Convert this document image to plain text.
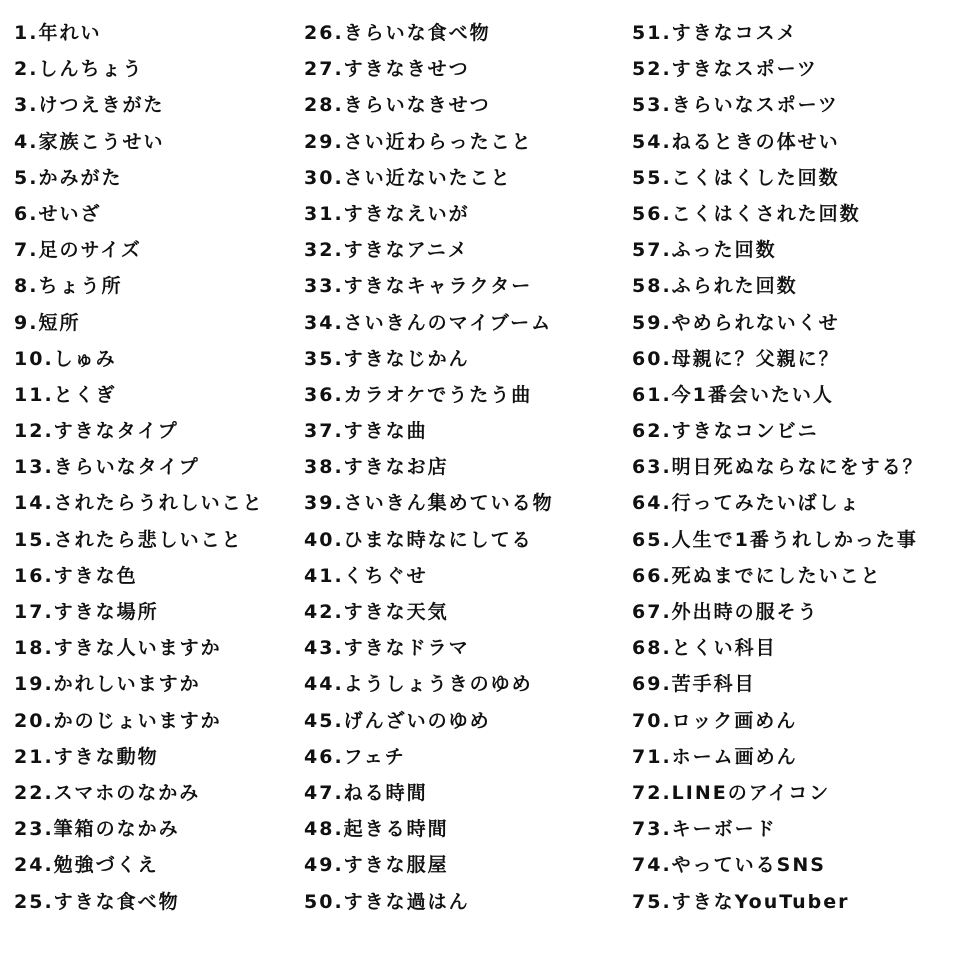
1.年れい
2.しんちょう
3.けつえきがた
4.家族こうせい
5.かみがた
6.せいざ
7.足のサイズ
8.ちょう所
9.短所
10.しゅみ
11.とくぎ
12.すきなタイプ
13.きらいなタイプ
14.されたらうれしいこと
15.されたら悲しいこと
16.すきな色
17.すきな場所
18.すきな人いますか
19.かれしいますか
20.かのじょいますか
21.すきな動物
22.スマホのなかみ
23.筆箱のなかみ
24.勉強づくえ
25.すきな食べ物
26.きらいな食べ物
27.すきなきせつ
28.きらいなきせつ
29.さい近わらったこと
30.さい近ないたこと
31.すきなえいが
32.すきなアニメ
33.すきなキャラクター
34.さいきんのマイブーム
35.すきなじかん
36.カラオケでうたう曲
37.すきな曲
38.すきなお店
39.さいきん集めている物
40.ひまな時なにしてる
41.くちぐせ
42.すきな天気
43.すきなドラマ
44.ようしょうきのゆめ
45.げんざいのゆめ
46.フェチ
47.ねる時間
48.起きる時間
49.すきな服屋
50.すきな過はん
51.すきなコスメ
52.すきなスポーツ
53.きらいなスポーツ
54.ねるときの体せい
55.こくはくした回数
56.こくはくされた回数
57.ふった回数
58.ふられた回数
59.やめられないくせ
60.母親に？父親に？
61.今1番会いたい人
62.すきなコンビニ
63.明日死ぬならなにをする？
64.行ってみたいばしょ
65.人生で1番うれしかった事
66.死ぬまでにしたいこと
67.外出時の服そう
68.とくい科目
69.苦手科目
70.ロック画めん
71.ホーム画めん
72.LINEのアイコン
73.キーボード
74.やっているSNS
75.すきなYouTuber
